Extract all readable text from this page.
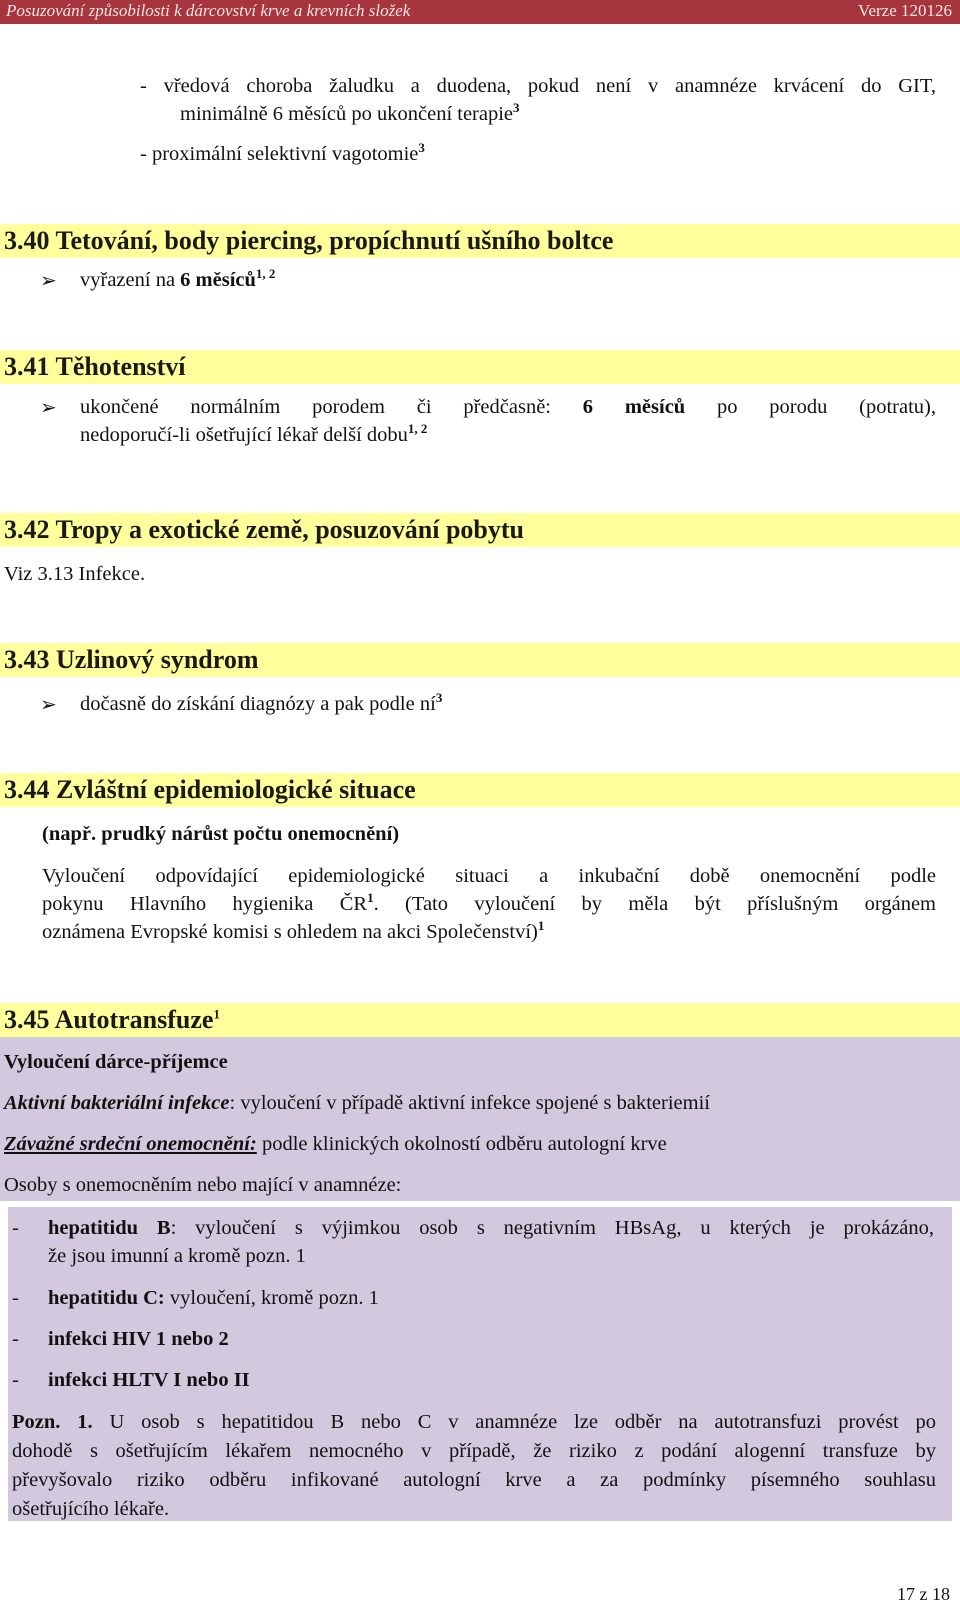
Posuzování způsobilosti k dárcovství krve a krevních složek	Verze 120126
- vředová choroba žaludku a duodena, pokud není v anamnéze krvácení do GIT,
minimálně 6 měsíců po ukončení terapie$^3$
- proximální selektivní vagotomie$^3$
3.40 Tetování, body piercing, propíchnutí ušního boltce
➢ vyřazení na 6 měsíců$^{1, 2}$
3.41 Těhotenství
➢ ukončené normálním porodem či předčasně: 6 měsíců po porodu (potratu),
nedoporučí-li ošetřující lékař delší dobu$^{1, 2}$
3.42 Tropy a exotické země, posuzování pobytu
Viz 3.13 Infekce.
3.43 Uzlinový syndrom
➢ dočasně do získání diagnózy a pak podle $ní^3$
3.44 Zvláštní epidemiologické situace
(např. prudký nárůst počtu onemocnění)
Vyloučení odpovídající epidemiologické situaci a inkubační době onemocnění podle
pokynu Hlavního hygienika $ČR^1$. (Tato vyloučení by měla být příslušným orgánem
oznámena Evropské komisi s ohledem na akci Společenství)$^1$
3.45 Autotransfuze$^1$
Vyloučení dárce-příjemce
Aktivní bakteriální infekce: vyloučení v případě aktivní infekce spojené s bakteriemií
Závažné srdeční onemocnění: podle klinických okolností odběru autologní krve
Osoby s onemocněním nebo mající v anamnéze:
- hepatitidu B: vyloučení s výjimkou osob s negativním HBsAg, u kterých je prokázáno,
že jsou imunní a kromě pozn. 1
- hepatitidu C: vyloučení, kromě pozn. 1
- infekci HIV 1 nebo 2
- infekci HLTV I nebo II
Pozn. 1. U osob s hepatitidou B nebo C v anamnéze lze odběr na autotransfuzi provést po
dohodě s ošetřujícím lékařem nemocného v případě, že riziko z podání alogenní transfuze by
převyšovalo riziko odběru infikované autologní krve a za podmínky písemného souhlasu
ošetřujícího lékaře.
17 z 18
